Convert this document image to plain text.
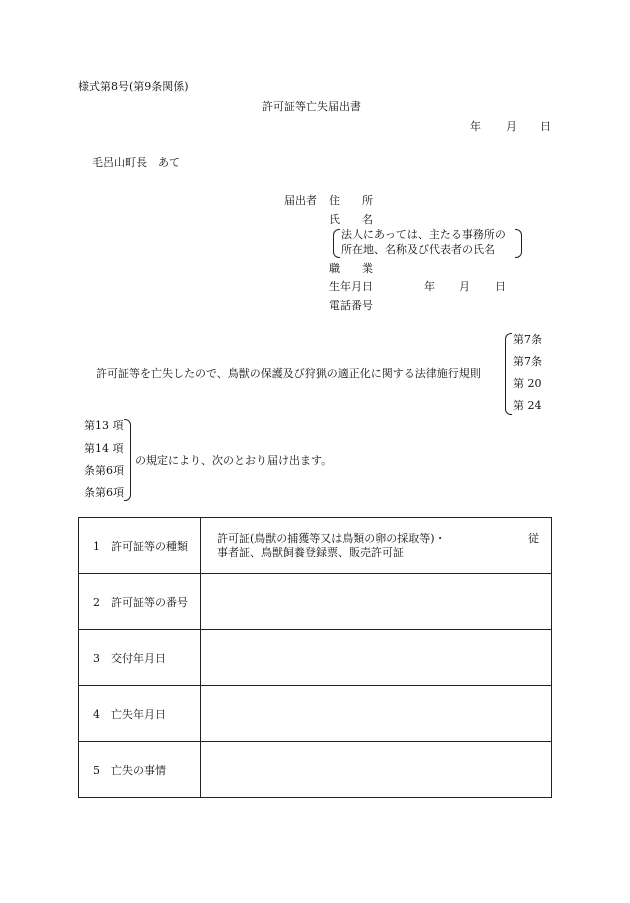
様式第8号(第9条関係)
許可証等亡失届出書
年 月 日
毛呂山町長　あて
届出者 住　　所
氏　　名
法人にあっては、主たる事務所の
所在地、名称及び代表者の氏名
職　　業
生年月日	年 月 日
電話番号
第7条
第7条
第 20
第 24
許可証等を亡失したので、鳥獣の保護及び狩猟の適正化に関する法律施行規則
第13 項
第14 項
条第6項
条第6項
の規定により、次のとおり届け出ます。
1　許可証等の種類	許可証(鳥獣の捕獲等又は鳥類の卵の採取等)・ 従
事者証、鳥獣飼養登録票、販売許可証

2　許可証等の番号	
3　交付年月日	
4　亡失年月日	
5　亡失の事情	
